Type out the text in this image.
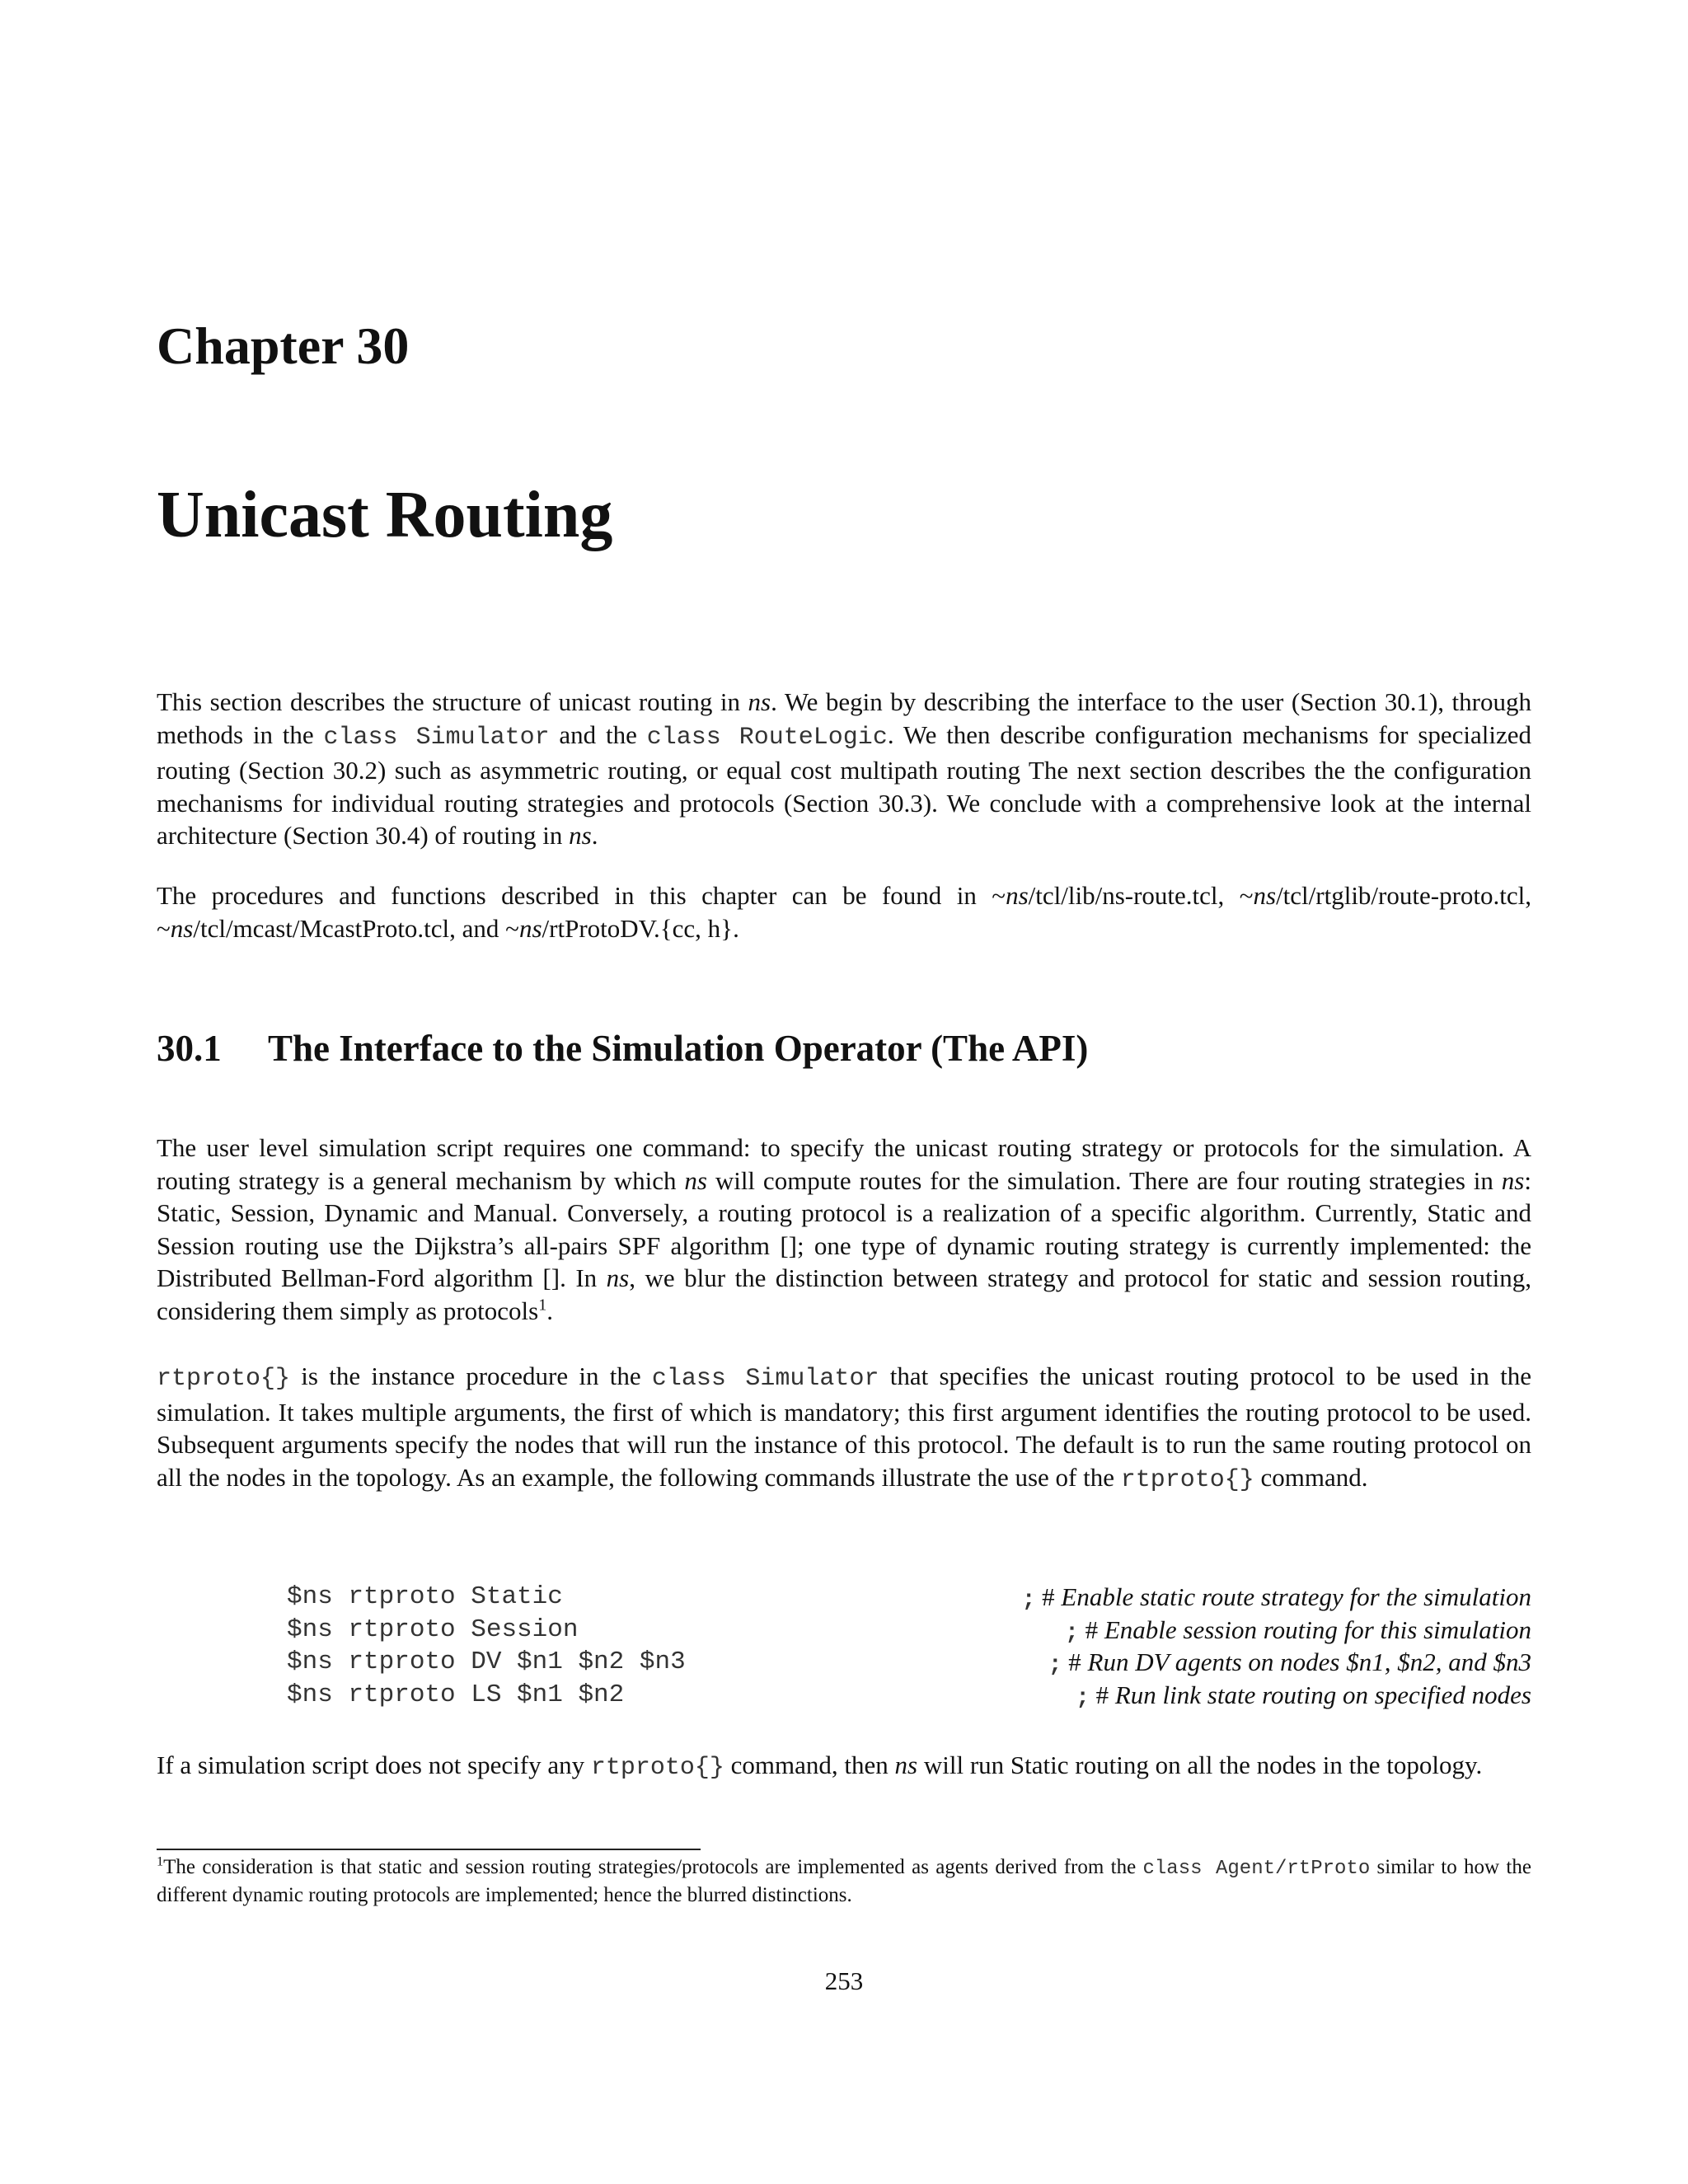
Chapter 30
Unicast Routing

This section describes the structure of unicast routing in ns. We begin by describing the interface to the user (Section 30.1), through methods in the class Simulator and the class RouteLogic. We then describe configuration mechanisms for specialized routing (Section 30.2) such as asymmetric routing, or equal cost multipath routing The next section describes the the configuration mechanisms for individual routing strategies and protocols (Section 30.3). We conclude with a comprehensive look at the internal architecture (Section 30.4) of routing in ns.

The procedures and functions described in this chapter can be found in ~ns/tcl/lib/ns-route.tcl, ~ns/tcl/rtglib/route-proto.tcl, ~ns/tcl/mcast/McastProto.tcl, and ~ns/rtProtoDV.{cc, h}.

30.1 The Interface to the Simulation Operator (The API)

The user level simulation script requires one command: to specify the unicast routing strategy or protocols for the simulation. A routing strategy is a general mechanism by which ns will compute routes for the simulation. There are four routing strategies in ns: Static, Session, Dynamic and Manual. Conversely, a routing protocol is a realization of a specific algorithm. Currently, Static and Session routing use the Dijkstra’s all-pairs SPF algorithm []; one type of dynamic routing strategy is currently implemented: the Distributed Bellman-Ford algorithm []. In ns, we blur the distinction between strategy and protocol for static and session routing, considering them simply as protocols$^1$.

rtproto{} is the instance procedure in the class Simulator that specifies the unicast routing protocol to be used in the simulation. It takes multiple arguments, the first of which is mandatory; this first argument identifies the routing protocol to be used. Subsequent arguments specify the nodes that will run the instance of this protocol. The default is to run the same routing protocol on all the nodes in the topology. As an example, the following commands illustrate the use of the rtproto{} command.

$ns rtproto Static	; # Enable static route strategy for the simulation
$ns rtproto Session	; # Enable session routing for this simulation
$ns rtproto DV $n1 $n2 $n3	; # Run DV agents on nodes $n1, $n2, and $n3
$ns rtproto LS $n1 $n2	; # Run link state routing on specified nodes

If a simulation script does not specify any rtproto{} command, then ns will run Static routing on all the nodes in the topology.

$^1$The consideration is that static and session routing strategies/protocols are implemented as agents derived from the class Agent/rtProto similar to how the different dynamic routing protocols are implemented; hence the blurred distinctions.

253
